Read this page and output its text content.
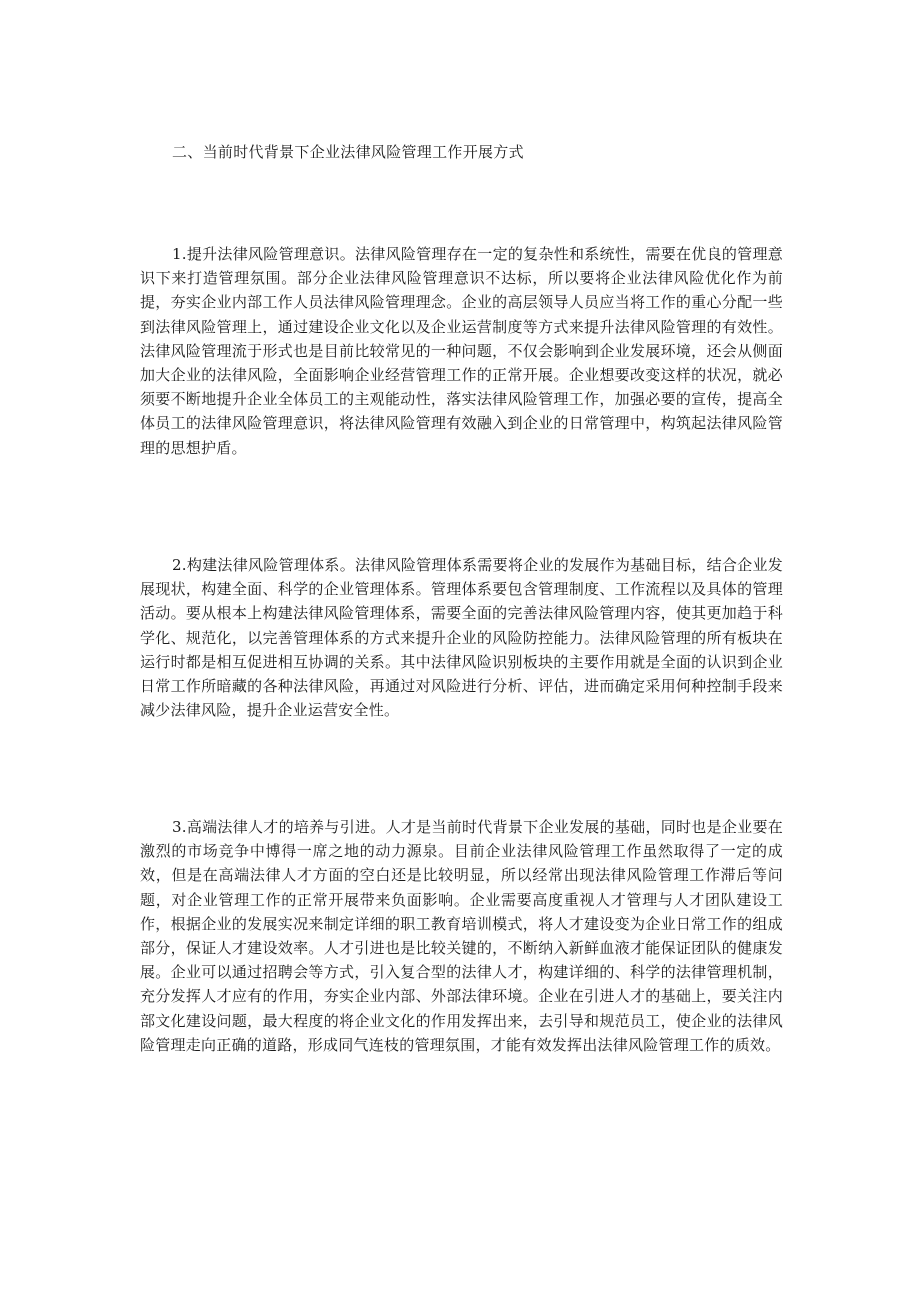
二、当前时代背景下企业法律风险管理工作开展方式

1.提升法律风险管理意识。法律风险管理存在一定的复杂性和系统性，需要在优良的管理意识下来打造管理氛围。部分企业法律风险管理意识不达标，所以要将企业法律风险优化作为前提，夯实企业内部工作人员法律风险管理理念。企业的高层领导人员应当将工作的重心分配一些到法律风险管理上，通过建设企业文化以及企业运营制度等方式来提升法律风险管理的有效性。法律风险管理流于形式也是目前比较常见的一种问题，不仅会影响到企业发展环境，还会从侧面加大企业的法律风险，全面影响企业经营管理工作的正常开展。企业想要改变这样的状况，就必须要不断地提升企业全体员工的主观能动性，落实法律风险管理工作，加强必要的宣传，提高全体员工的法律风险管理意识，将法律风险管理有效融入到企业的日常管理中，构筑起法律风险管理的思想护盾。

2.构建法律风险管理体系。法律风险管理体系需要将企业的发展作为基础目标，结合企业发展现状，构建全面、科学的企业管理体系。管理体系要包含管理制度、工作流程以及具体的管理活动。要从根本上构建法律风险管理体系，需要全面的完善法律风险管理内容，使其更加趋于科学化、规范化，以完善管理体系的方式来提升企业的风险防控能力。法律风险管理的所有板块在运行时都是相互促进相互协调的关系。其中法律风险识别板块的主要作用就是全面的认识到企业日常工作所暗藏的各种法律风险，再通过对风险进行分析、评估，进而确定采用何种控制手段来减少法律风险，提升企业运营安全性。

3.高端法律人才的培养与引进。人才是当前时代背景下企业发展的基础，同时也是企业要在激烈的市场竞争中博得一席之地的动力源泉。目前企业法律风险管理工作虽然取得了一定的成效，但是在高端法律人才方面的空白还是比较明显，所以经常出现法律风险管理工作滞后等问题，对企业管理工作的正常开展带来负面影响。企业需要高度重视人才管理与人才团队建设工作，根据企业的发展实况来制定详细的职工教育培训模式，将人才建设变为企业日常工作的组成部分，保证人才建设效率。人才引进也是比较关键的，不断纳入新鲜血液才能保证团队的健康发展。企业可以通过招聘会等方式，引入复合型的法律人才，构建详细的、科学的法律管理机制，充分发挥人才应有的作用，夯实企业内部、外部法律环境。企业在引进人才的基础上，要关注内部文化建设问题，最大程度的将企业文化的作用发挥出来，去引导和规范员工，使企业的法律风险管理走向正确的道路，形成同气连枝的管理氛围，才能有效发挥出法律风险管理工作的质效。
